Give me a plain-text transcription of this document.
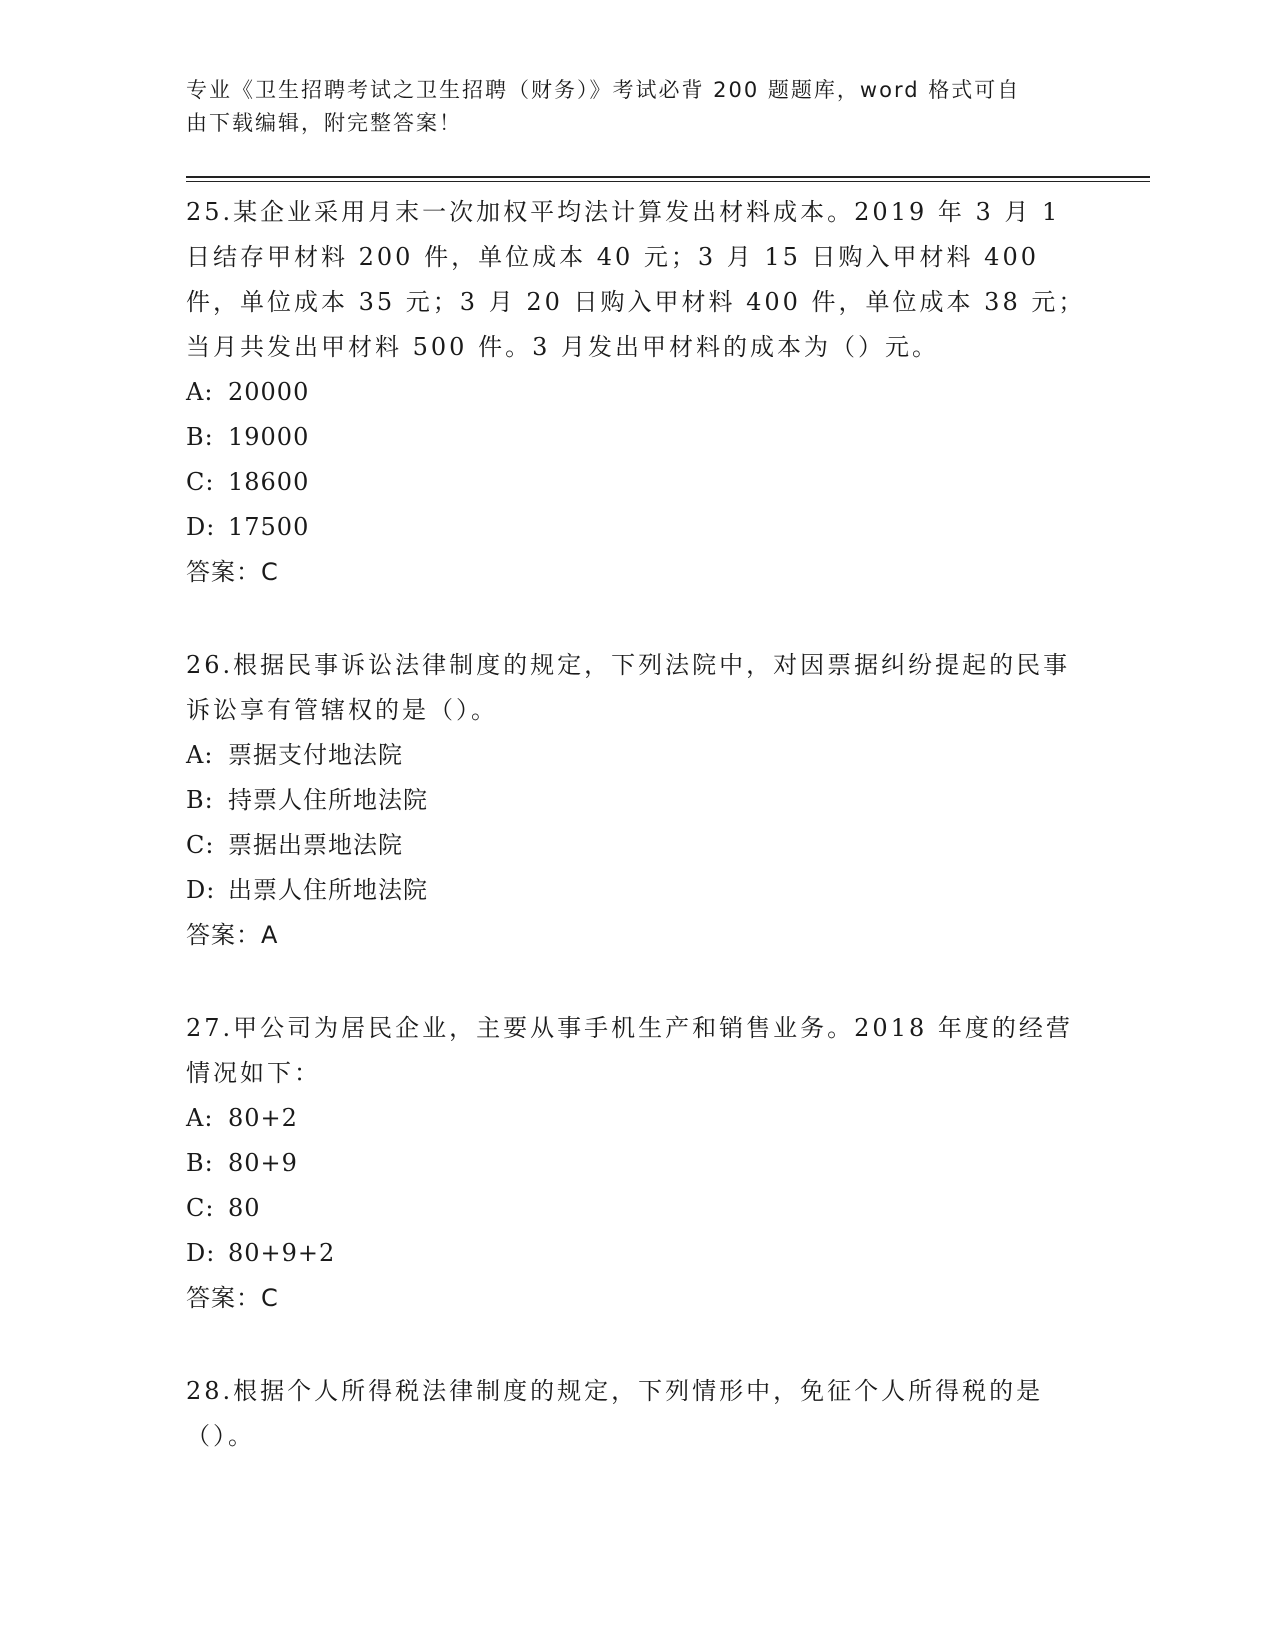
专业《卫生招聘考试之卫生招聘（财务）》考试必背 200 题题库，word 格式可自
由下载编辑，附完整答案！

25.某企业采用月末一次加权平均法计算发出材料成本。2019 年 3 月 1 日结存甲材料 200 件，单位成本 40 元；3 月 15 日购入甲材料 400 件，单位成本 35 元；3 月 20 日购入甲材料 400 件，单位成本 38 元；当月共发出甲材料 500 件。3 月发出甲材料的成本为（）元。

A: 20000
B: 19000
C: 18600
D: 17500
答案：C

26.根据民事诉讼法律制度的规定，下列法院中，对因票据纠纷提起的民事诉讼享有管辖权的是（）。

A: 票据支付地法院
B: 持票人住所地法院
C: 票据出票地法院
D: 出票人住所地法院
答案：A

27.甲公司为居民企业，主要从事手机生产和销售业务。2018 年度的经营情况如下：

A: 80+2
B: 80+9
C: 80
D: 80+9+2
答案：C

28.根据个人所得税法律制度的规定，下列情形中，免征个人所得税的是（）。
